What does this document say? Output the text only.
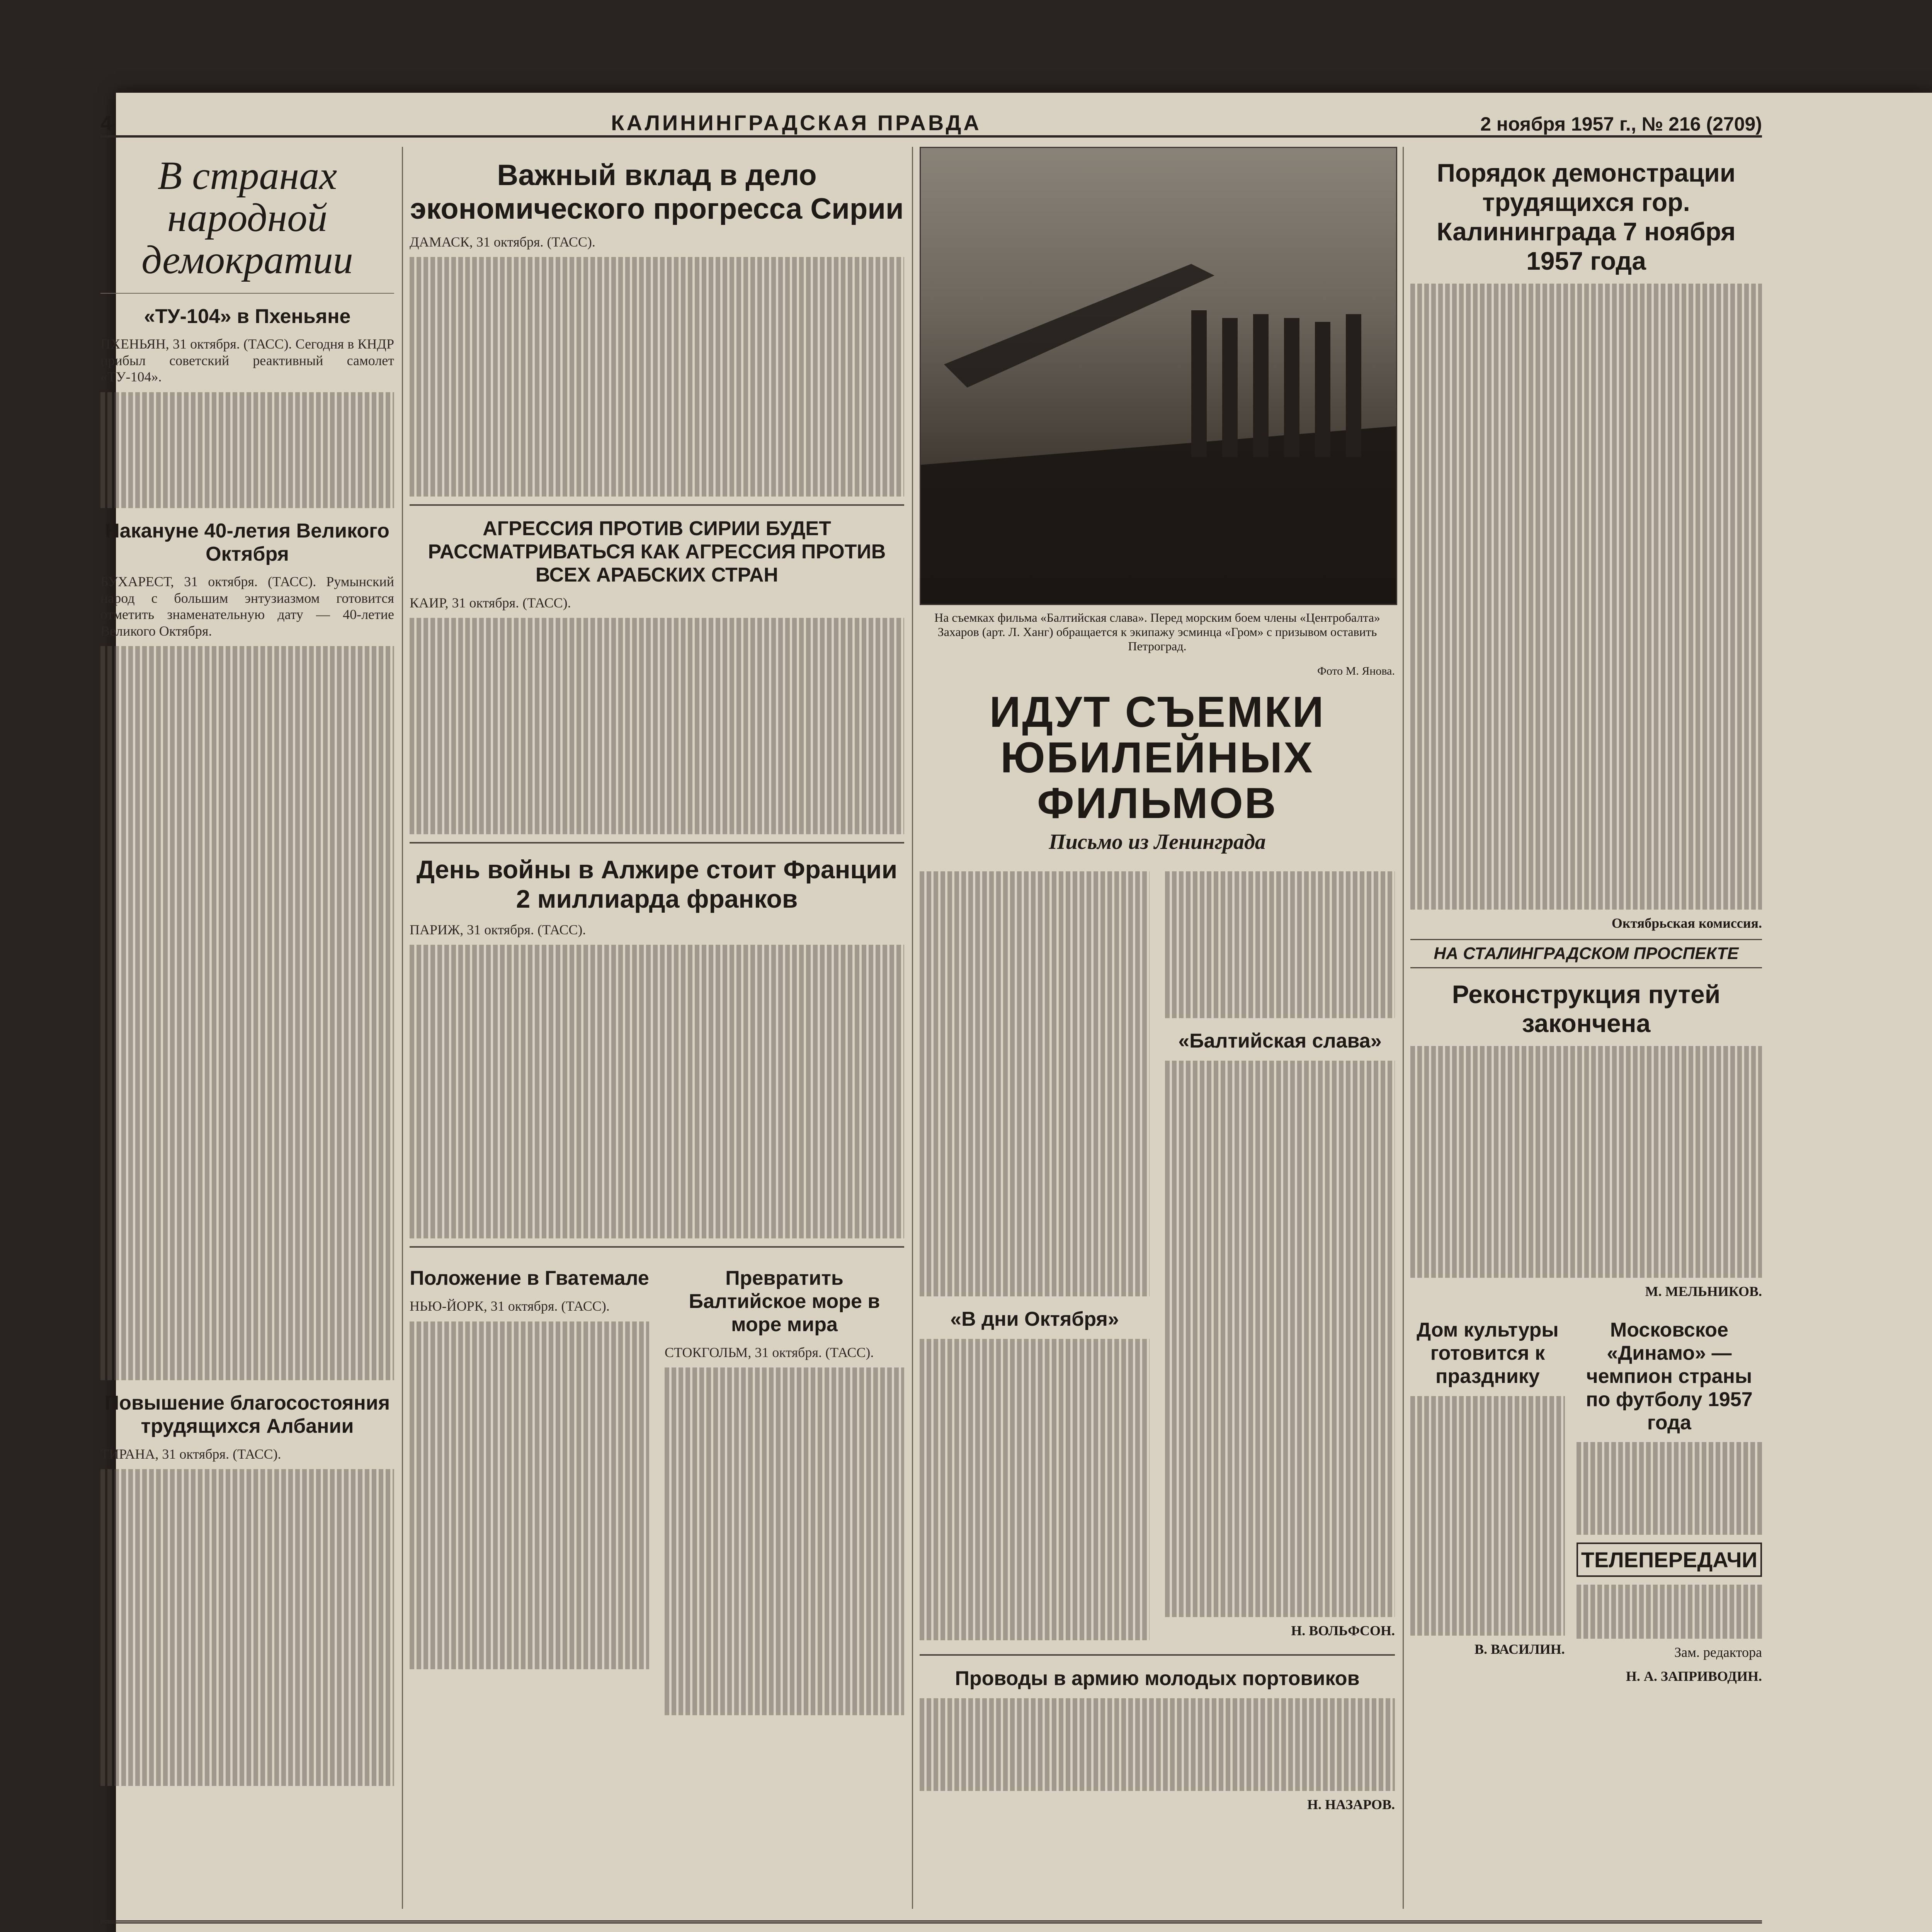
4	КАЛИНИНГРАДСКАЯ ПРАВДА	2 ноября 1957 г., № 216 (2709)
В странах народной демократии
«ТУ-104» в Пхеньяне

ПХЕНЬЯН, 31 октября. (ТАСС). Сегодня в КНДР прибыл советский реактивный самолет «ТУ-104».

Накануне 40-летия Великого Октября

БУХАРЕСТ, 31 октября. (ТАСС). Румынский народ с большим энтузиазмом готовится отметить знаменательную дату — 40-летие Великого Октября.

Повышение благосостояния трудящихся Албании

ТИРАНА, 31 октября. (ТАСС).

Важный вклад в дело экономического прогресса Сирии

ДАМАСК, 31 октября. (ТАСС).

АГРЕССИЯ ПРОТИВ СИРИИ БУДЕТ РАССМАТРИВАТЬСЯ КАК АГРЕССИЯ ПРОТИВ ВСЕХ АРАБСКИХ СТРАН

КАИР, 31 октября. (ТАСС).

День войны в Алжире стоит Франции 2 миллиарда франков

ПАРИЖ, 31 октября. (ТАСС).

Положение в Гватемале

НЬЮ-ЙОРК, 31 октября. (ТАСС).

Превратить Балтийское море в море мира

СТОКГОЛЬМ, 31 октября. (ТАСС).

На съемках фильма «Балтийская слава». Перед морским боем члены «Центробалта» Захаров (арт. Л. Ханг) обращается к экипажу эсминца «Гром» с призывом оставить Петроград.

Фото М. Янова.

ИДУТ СЪЕМКИ ЮБИЛЕЙНЫХ ФИЛЬМОВ

Письмо из Ленинграда

«В дни Октября»
«Балтийская слава»

Н. ВОЛЬФСОН.

Проводы в армию молодых портовиков

Н. НАЗАРОВ.

Порядок демонстрации трудящихся гор. Калининграда 7 ноября 1957 года

Октябрьская комиссия.

НА СТАЛИНГРАДСКОМ ПРОСПЕКТЕ
Реконструкция путей закончена

М. МЕЛЬНИКОВ.

Дом культуры готовится к празднику

В. ВАСИЛИН.

Московское «Динамо» — чемпион страны по футболу 1957 года
ТЕЛЕПЕРЕДАЧИ

Зам. редактора

Н. А. ЗАПРИВОДИН.
